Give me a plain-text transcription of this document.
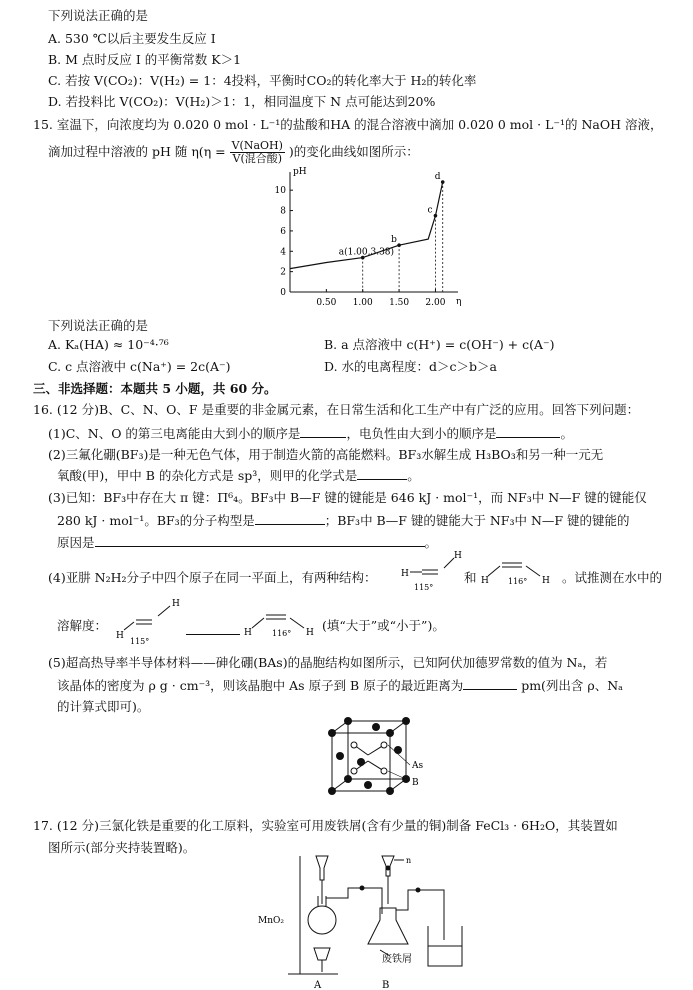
下列说法正确的是
A. 530 ℃以后主要发生反应 I
B. M 点时反应 I 的平衡常数 K＞1
C. 若按 V(CO₂)：V(H₂) = 1：4投料，平衡时CO₂的转化率大于 H₂的转化率
D. 若投料比 V(CO₂)：V(H₂)＞1：1，相同温度下 N 点可能达到20%
15. 室温下，向浓度均为 0.020 0 mol · L⁻¹的盐酸和HA 的混合溶液中滴加 0.020 0 mol · L⁻¹的 NaOH 溶液，
滴加过程中溶液的 pH 随 $\eta(\eta = \frac{\text{V(NaOH)}}{\text{V(混合酸)}}$ )的变化曲线如图所示：
pH
η
10
8
6
4
2
0
0.50 1.00 1.50 2.00
a(1.00,3.38)
b
c
d
下列说法正确的是
A. Kₐ(HA) ≈ 10⁻⁴·⁷⁶	B. a 点溶液中 c(H⁺) = c(OH⁻) + c(A⁻)
C. c 点溶液中 c(Na⁺) = 2c(A⁻)	D. 水的电离程度：d＞c＞b＞a
三、非选择题：本题共 5 小题，共 60 分。
16. (12 分)B、C、N、O、F 是重要的非金属元素，在日常生活和化工生产中有广泛的应用。回答下列问题：
(1)C、N、O 的第三电离能由大到小的顺序是	，电负性由大到小的顺序是	。
(2)三氟化硼(BF₃)是一种无色气体，用于制造火箭的高能燃料。BF₃水解生成 H₃BO₃和另一种一元无
氧酸(甲)，甲中 B 的杂化方式是 sp³，则甲的化学式是	。
(3)已知：BF₃中存在大 π 键：Π⁶₄。BF₃中 B—F 键的键能是 646 kJ · mol⁻¹，而 NF₃中 N—F 键的键能仅
280 kJ · mol⁻¹。BF₃的分子构型是	；BF₃中 B—F 键的键能大于 NF₃中 N—F 键的键能的
原因是	。
(4)亚肼 N₂H₂分子中四个原子在同一平面上，有两种结构：	H
H
115°
和 H	H
116°	。试推测在水中的
溶解度：
H
H
115°
H	H
116°
(填“大于”或“小于”)。
(5)超高热导率半导体材料——砷化硼(BAs)的晶胞结构如图所示，已知阿伏加德罗常数的值为 Nₐ，若
该晶体的密度为 ρ g · cm⁻³，则该晶胞中 As 原子到 B 原子的最近距离为	pm(列出含 ρ、Nₐ
的计算式即可)。
As
B
17. (12 分)三氯化铁是重要的化工原料，实验室可用废铁屑(含有少量的铜)制备 FeCl₃ · 6H₂O，其装置如
图所示(部分夹持装置略)。
n
MnO₂
废铁屑
A	B
